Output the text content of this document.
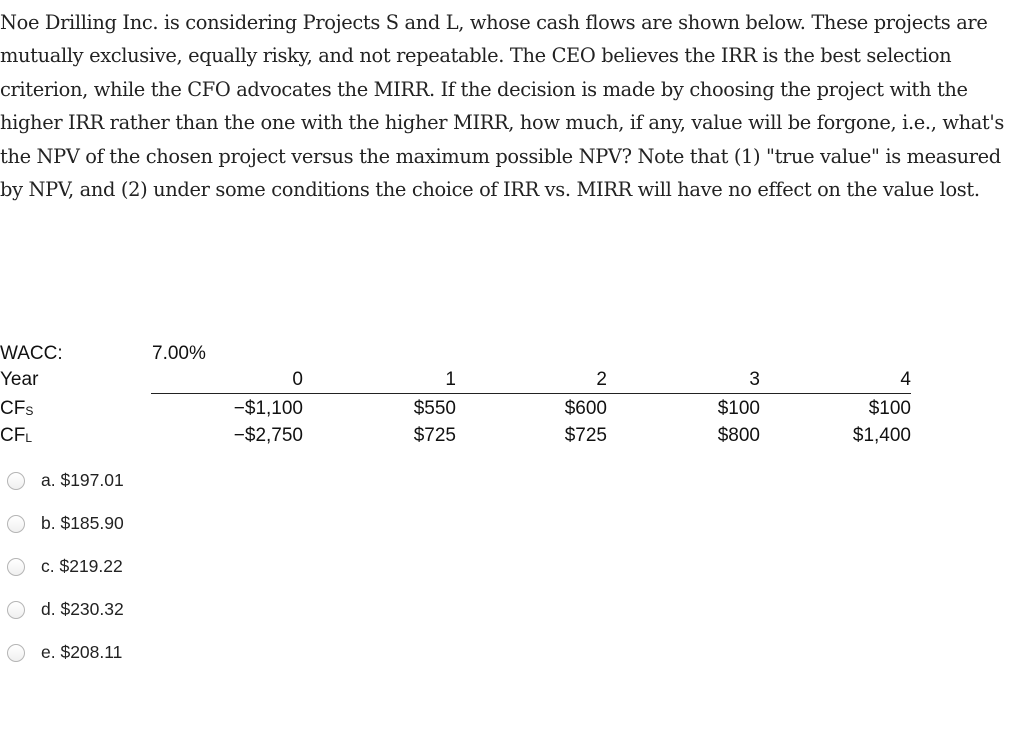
Noe Drilling Inc. is considering Projects S and L, whose cash flows are shown below. These projects are mutually exclusive, equally risky, and not repeatable. The CEO believes the IRR is the best selection criterion, while the CFO advocates the MIRR. If the decision is made by choosing the project with the higher IRR rather than the one with the higher MIRR, how much, if any, value will be forgone, i.e., what's the NPV of the chosen project versus the maximum possible NPV? Note that (1) "true value" is measured by NPV, and (2) under some conditions the choice of IRR vs. MIRR will have no effect on the value lost.

WACC:	7.00%
Year
$CF_S$
$CF_L$
0
−$1,100
−$2,750
1
$550
$725
2
$600
$725
3
$100
$800
4
$100
$1,400
a. $197.01
b. $185.90
c. $219.22
d. $230.32
e. $208.11
